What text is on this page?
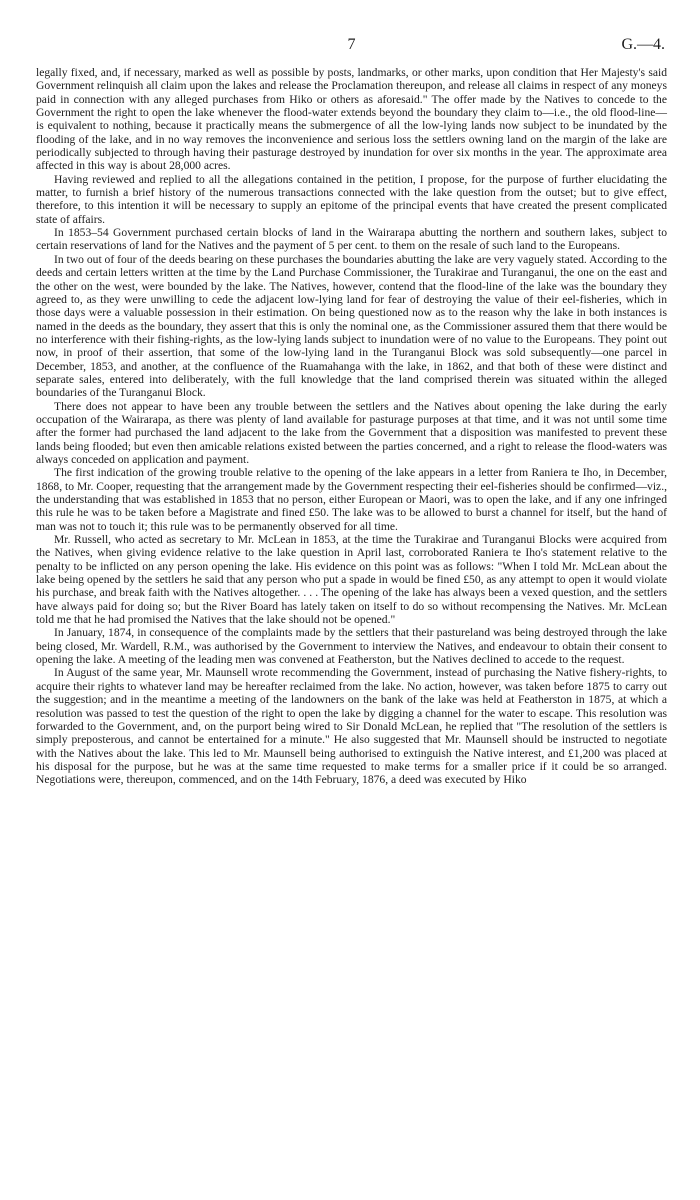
7	G.—4.

legally fixed, and, if necessary, marked as well as possible by posts, landmarks, or other marks, upon condition that Her Majesty's said Government relinquish all claim upon the lakes and release the Proclamation thereupon, and release all claims in respect of any moneys paid in connection with any alleged purchases from Hiko or others as aforesaid." The offer made by the Natives to concede to the Government the right to open the lake whenever the flood-water extends beyond the boundary they claim to—i.e., the old flood-line—is equivalent to nothing, because it practically means the submergence of all the low-lying lands now subject to be inundated by the flooding of the lake, and in no way removes the inconvenience and serious loss the settlers owning land on the margin of the lake are periodically subjected to through having their pasturage destroyed by inundation for over six months in the year. The approximate area affected in this way is about 28,000 acres.

Having reviewed and replied to all the allegations contained in the petition, I propose, for the purpose of further elucidating the matter, to furnish a brief history of the numerous transactions connected with the lake question from the outset; but to give effect, therefore, to this intention it will be necessary to supply an epitome of the principal events that have created the present complicated state of affairs.

In 1853–54 Government purchased certain blocks of land in the Wairarapa abutting the northern and southern lakes, subject to certain reservations of land for the Natives and the payment of 5 per cent. to them on the resale of such land to the Europeans.

In two out of four of the deeds bearing on these purchases the boundaries abutting the lake are very vaguely stated. According to the deeds and certain letters written at the time by the Land Purchase Commissioner, the Turakirae and Turanganui, the one on the east and the other on the west, were bounded by the lake. The Natives, however, contend that the flood-line of the lake was the boundary they agreed to, as they were unwilling to cede the adjacent low-lying land for fear of destroying the value of their eel-fisheries, which in those days were a valuable possession in their estimation. On being questioned now as to the reason why the lake in both instances is named in the deeds as the boundary, they assert that this is only the nominal one, as the Commissioner assured them that there would be no interference with their fishing-rights, as the low-lying lands subject to inundation were of no value to the Europeans. They point out now, in proof of their assertion, that some of the low-lying land in the Turanganui Block was sold subsequently—one parcel in December, 1853, and another, at the confluence of the Ruamahanga with the lake, in 1862, and that both of these were distinct and separate sales, entered into deliberately, with the full knowledge that the land comprised therein was situated within the alleged boundaries of the Turanganui Block.

There does not appear to have been any trouble between the settlers and the Natives about opening the lake during the early occupation of the Wairarapa, as there was plenty of land available for pasturage purposes at that time, and it was not until some time after the former had purchased the land adjacent to the lake from the Government that a disposition was manifested to prevent these lands being flooded; but even then amicable relations existed between the parties concerned, and a right to release the flood-waters was always conceded on application and payment.

The first indication of the growing trouble relative to the opening of the lake appears in a letter from Raniera te Iho, in December, 1868, to Mr. Cooper, requesting that the arrangement made by the Government respecting their eel-fisheries should be confirmed—viz., the understanding that was established in 1853 that no person, either European or Maori, was to open the lake, and if any one infringed this rule he was to be taken before a Magistrate and fined £50. The lake was to be allowed to burst a channel for itself, but the hand of man was not to touch it; this rule was to be permanently observed for all time.

Mr. Russell, who acted as secretary to Mr. McLean in 1853, at the time the Turakirae and Turanganui Blocks were acquired from the Natives, when giving evidence relative to the lake question in April last, corroborated Raniera te Iho's statement relative to the penalty to be inflicted on any person opening the lake. His evidence on this point was as follows: "When I told Mr. McLean about the lake being opened by the settlers he said that any person who put a spade in would be fined £50, as any attempt to open it would violate his purchase, and break faith with the Natives altogether. . . . The opening of the lake has always been a vexed question, and the settlers have always paid for doing so; but the River Board has lately taken on itself to do so without recompensing the Natives. Mr. McLean told me that he had promised the Natives that the lake should not be opened."

In January, 1874, in consequence of the complaints made by the settlers that their pastureland was being destroyed through the lake being closed, Mr. Wardell, R.M., was authorised by the Government to interview the Natives, and endeavour to obtain their consent to opening the lake. A meeting of the leading men was convened at Featherston, but the Natives declined to accede to the request.

In August of the same year, Mr. Maunsell wrote recommending the Government, instead of purchasing the Native fishery-rights, to acquire their rights to whatever land may be hereafter reclaimed from the lake. No action, however, was taken before 1875 to carry out the suggestion; and in the meantime a meeting of the landowners on the bank of the lake was held at Featherston in 1875, at which a resolution was passed to test the question of the right to open the lake by digging a channel for the water to escape. This resolution was forwarded to the Government, and, on the purport being wired to Sir Donald McLean, he replied that "The resolution of the settlers is simply preposterous, and cannot be entertained for a minute." He also suggested that Mr. Maunsell should be instructed to negotiate with the Natives about the lake. This led to Mr. Maunsell being authorised to extinguish the Native interest, and £1,200 was placed at his disposal for the purpose, but he was at the same time requested to make terms for a smaller price if it could be so arranged. Negotiations were, thereupon, commenced, and on the 14th February, 1876, a deed was executed by Hiko
